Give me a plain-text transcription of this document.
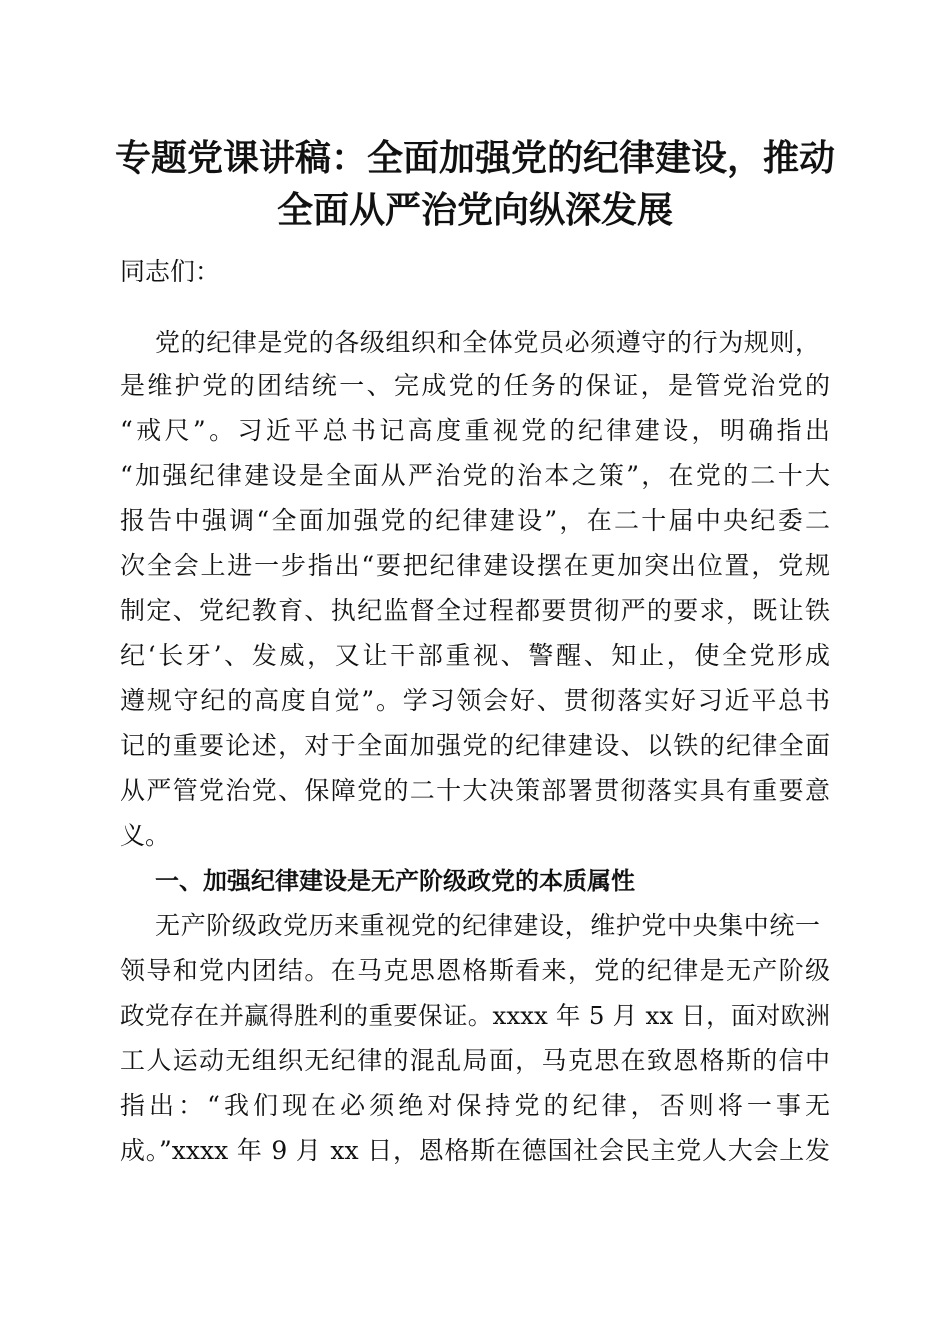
专题党课讲稿：全面加强党的纪律建设，推动
全面从严治党向纵深发展

同志们：

党的纪律是党的各级组织和全体党员必须遵守的行为规则，

是维护党的团结统一、完成党的任务的保证，是管党治党的

“戒尺”。习近平总书记高度重视党的纪律建设，明确指出

“加强纪律建设是全面从严治党的治本之策”，在党的二十大

报告中强调“全面加强党的纪律建设”，在二十届中央纪委二

次全会上进一步指出“要把纪律建设摆在更加突出位置，党规

制定、党纪教育、执纪监督全过程都要贯彻严的要求，既让铁

纪‘长牙’、发威，又让干部重视、警醒、知止，使全党形成

遵规守纪的高度自觉”。学习领会好、贯彻落实好习近平总书

记的重要论述，对于全面加强党的纪律建设、以铁的纪律全面

从严管党治党、保障党的二十大决策部署贯彻落实具有重要意

义。

一、加强纪律建设是无产阶级政党的本质属性

无产阶级政党历来重视党的纪律建设，维护党中央集中统一

领导和党内团结。在马克思恩格斯看来，党的纪律是无产阶级

政党存在并赢得胜利的重要保证。xxxx 年 5 月 xx 日，面对欧洲

工人运动无组织无纪律的混乱局面，马克思在致恩格斯的信中

指出：“我们现在必须绝对保持党的纪律，否则将一事无

成。”xxxx 年 9 月 xx 日，恩格斯在德国社会民主党人大会上发
